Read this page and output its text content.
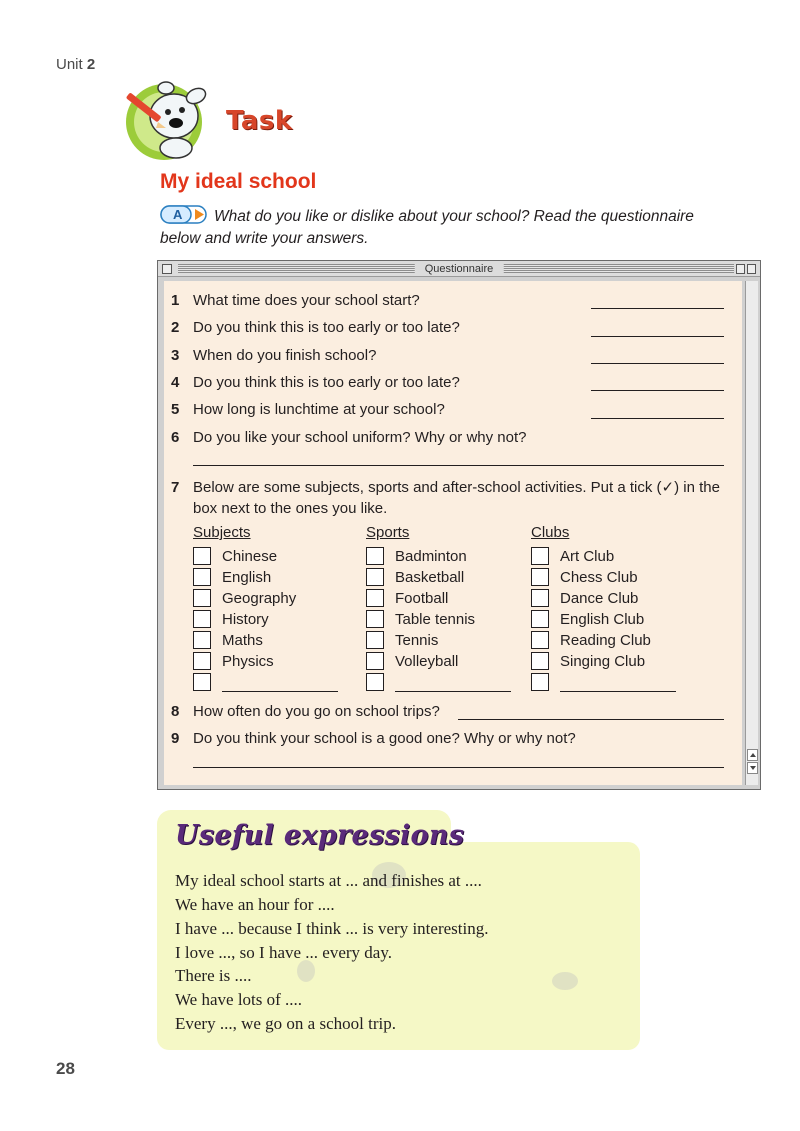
Unit 2
Task
My ideal school
A	What do you like or dislike about your school? Read the questionnaire below and write your answers.
Questionnaire
1 What time does your school start?
2 Do you think this is too early or too late?
3 When do you finish school?
4 Do you think this is too early or too late?
5 How long is lunchtime at your school?
6 Do you like your school uniform? Why or why not?
7 Below are some subjects, sports and after-school activities. Put a tick (✓) in the box next to the ones you like.
Subjects
Chinese
English
Geography
History
Maths
Physics
Sports
Badminton
Basketball
Football
Table tennis
Tennis
Volleyball
Clubs
Art Club
Chess Club
Dance Club
English Club
Reading Club
Singing Club
8 How often do you go on school trips?
9 Do you think your school is a good one? Why or why not?
Useful expressions
My ideal school starts at ... and finishes at ....
We have an hour for ....
I have ... because I think ... is very interesting.
I love ..., so I have ... every day.
There is ....
We have lots of ....
Every ..., we go on a school trip.
28
